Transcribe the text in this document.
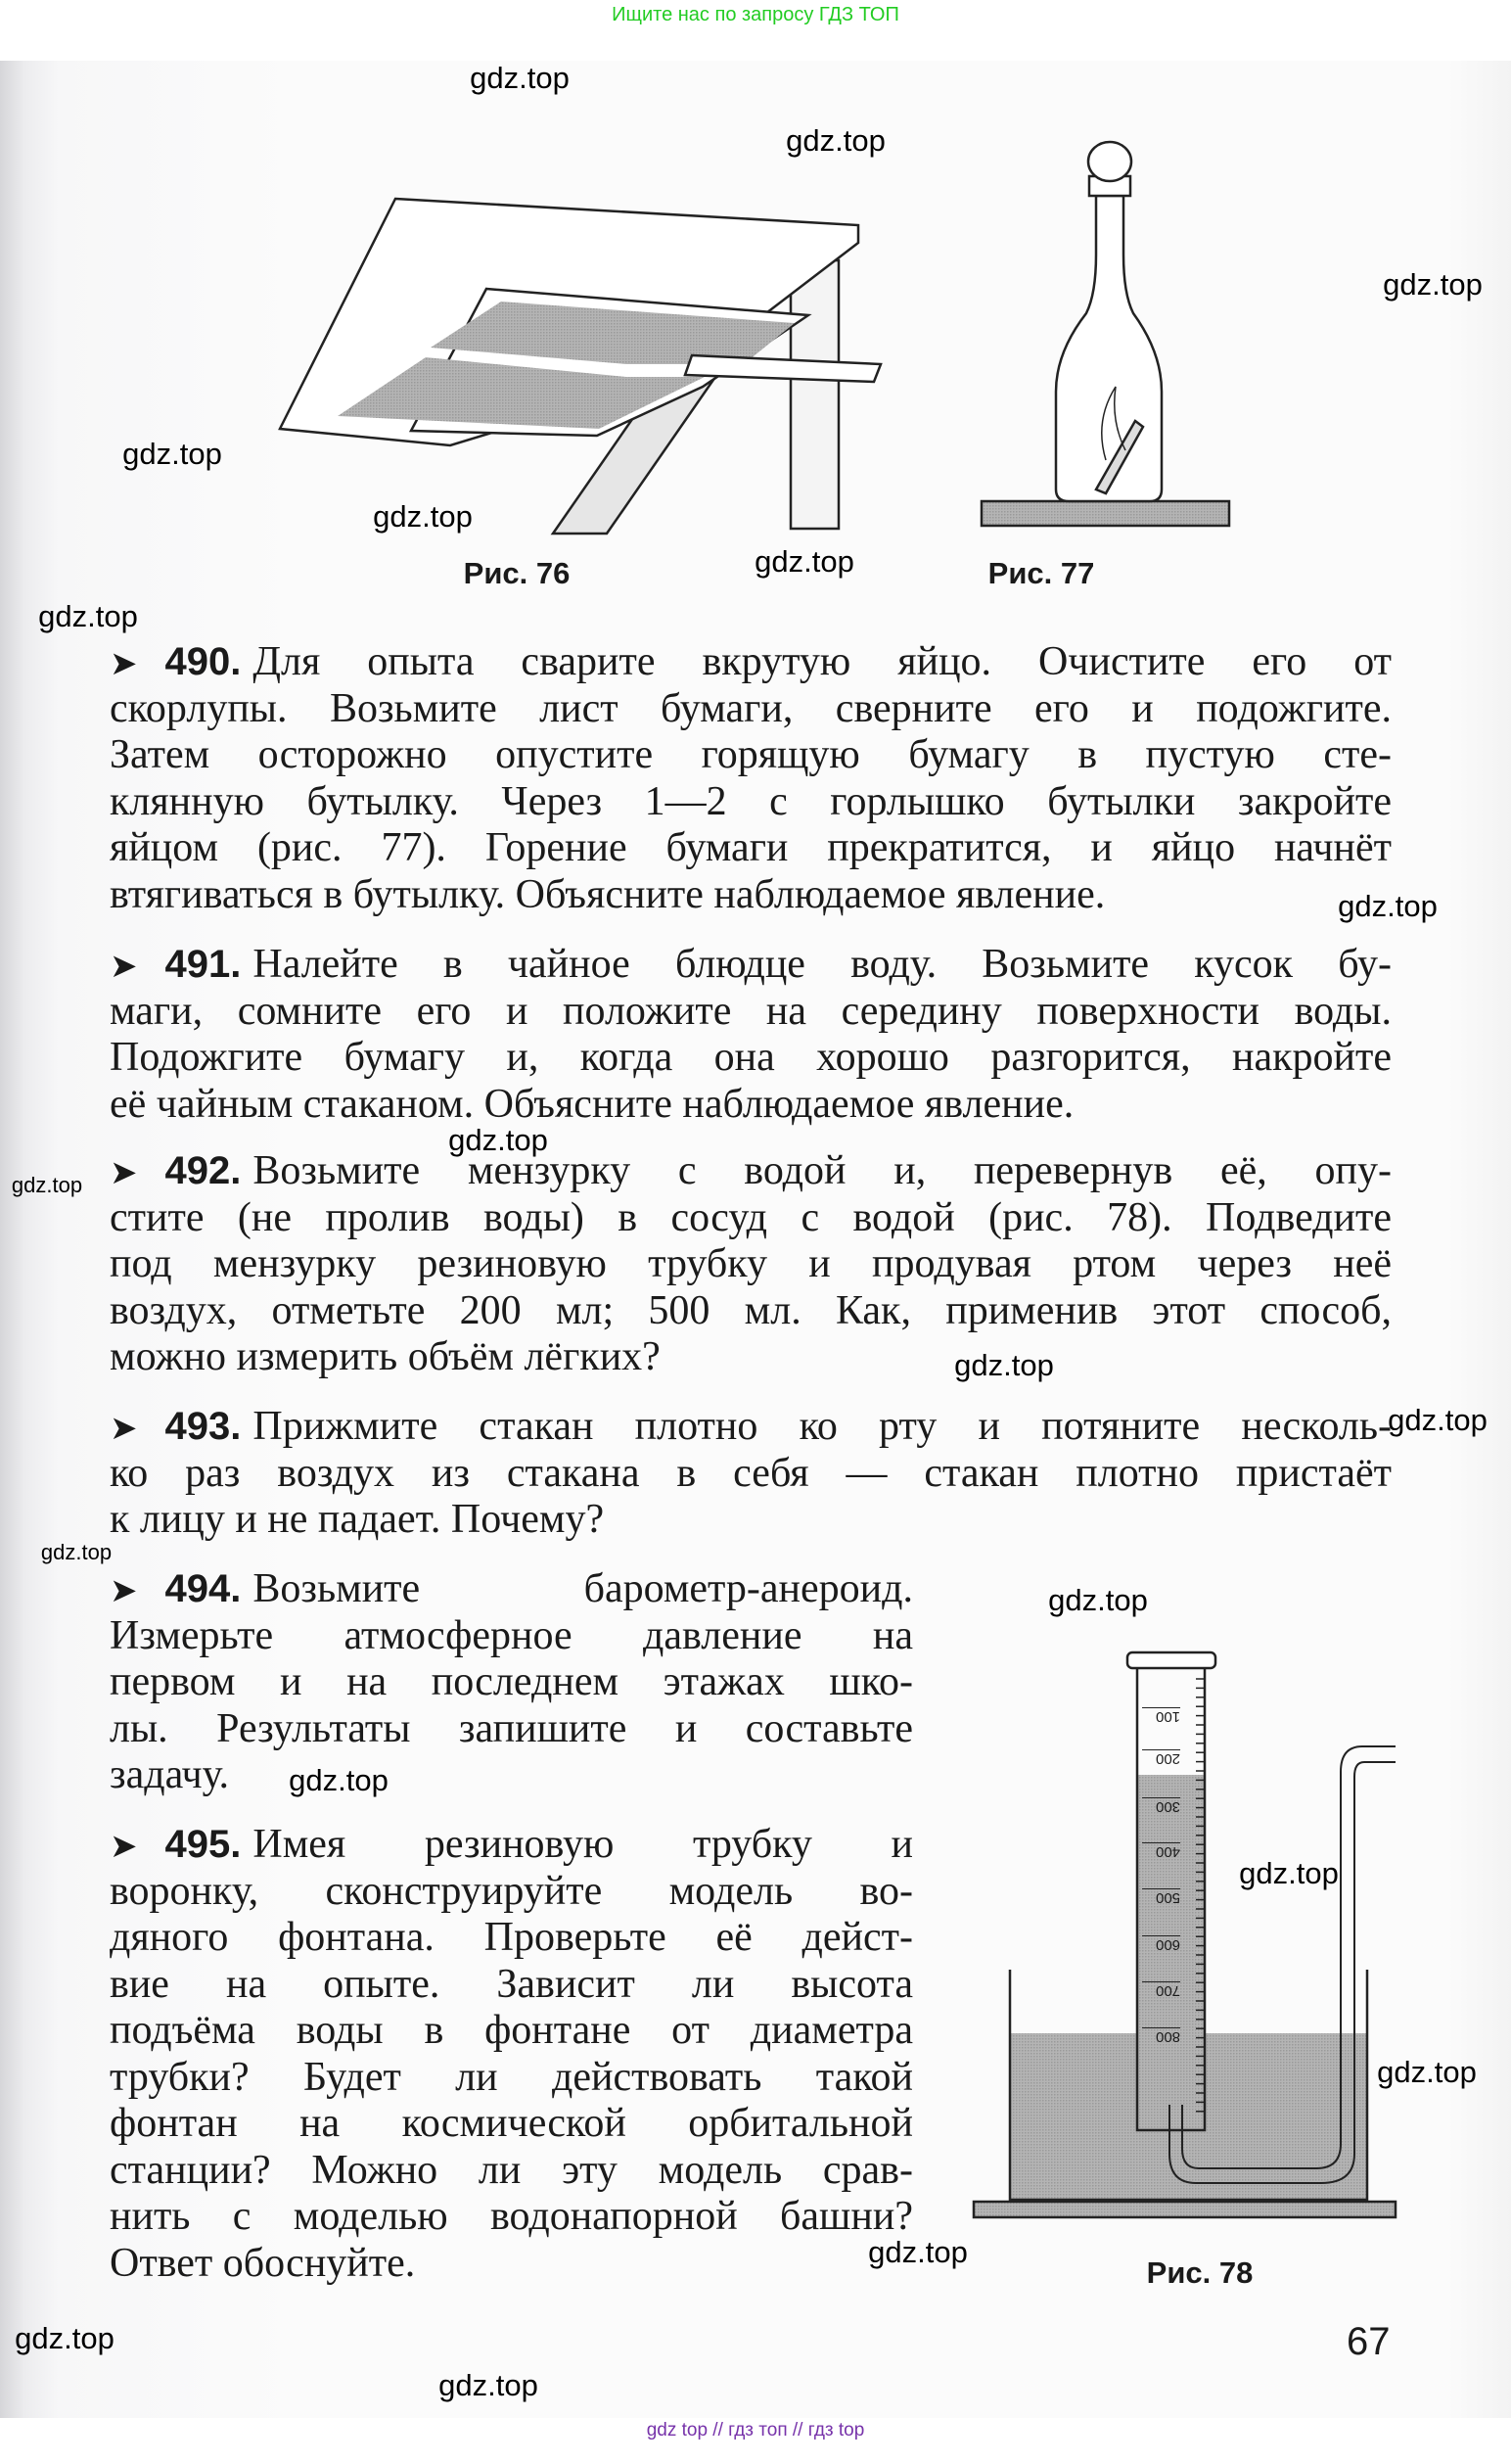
Ищите нас по запросу ГДЗ ТОП
100
200
300
400
500
600
700
800
Рис. 76	Рис. 77
Рис. 78
➤ 490. Для опыта сварите вкрутую яйцо. Очистите его от
скорлупы. Возьмите лист бумаги, сверните его и подожгите.
Затем осторожно опустите горящую бумагу в пустую сте-
клянную бутылку. Через 1—2 с горлышко бутылки закройте
яйцом (рис. 77). Горение бумаги прекратится, и яйцо начнёт
втягиваться в бутылку. Объясните наблюдаемое явление.
➤ 491. Налейте в чайное блюдце воду. Возьмите кусок бу-
маги, сомните его и положите на середину поверхности воды.
Подожгите бумагу и, когда она хорошо разгорится, накройте
её чайным стаканом. Объясните наблюдаемое явление.
➤ 492. Возьмите мензурку с водой и, перевернув её, опу-
стите (не пролив воды) в сосуд с водой (рис. 78). Подведите
под мензурку резиновую трубку и продувая ртом через неё
воздух, отметьте 200 мл; 500 мл. Как, применив этот способ,
можно измерить объём лёгких?
➤ 493. Прижмите стакан плотно ко рту и потяните несколь-
ко раз воздух из стакана в себя — стакан плотно пристаёт
к лицу и не падает. Почему?
➤ 494. Возьмите барометр-анероид.
Измерьте атмосферное давление на
первом и на последнем этажах шко-
лы. Результаты запишите и составьте
задачу.
➤ 495. Имея резиновую трубку и
воронку, сконструируйте модель во-
дяного фонтана. Проверьте её дейст-
вие на опыте. Зависит ли высота
подъёма воды в фонтане от диаметра
трубки? Будет ли действовать такой
фонтан на космической орбитальной
станции? Можно ли эту модель срав-
нить с моделью водонапорной башни?
Ответ обоснуйте.
67
gdz top // гдз топ // гдз top
gdz.top
gdz.top
gdz.top
gdz.top
gdz.top
gdz.top
gdz.top
gdz.top
gdz.top
gdz.top
gdz.top
gdz.top
gdz.top
gdz.top
gdz.top
gdz.top
gdz.top
gdz.top
gdz.top
gdz.top
